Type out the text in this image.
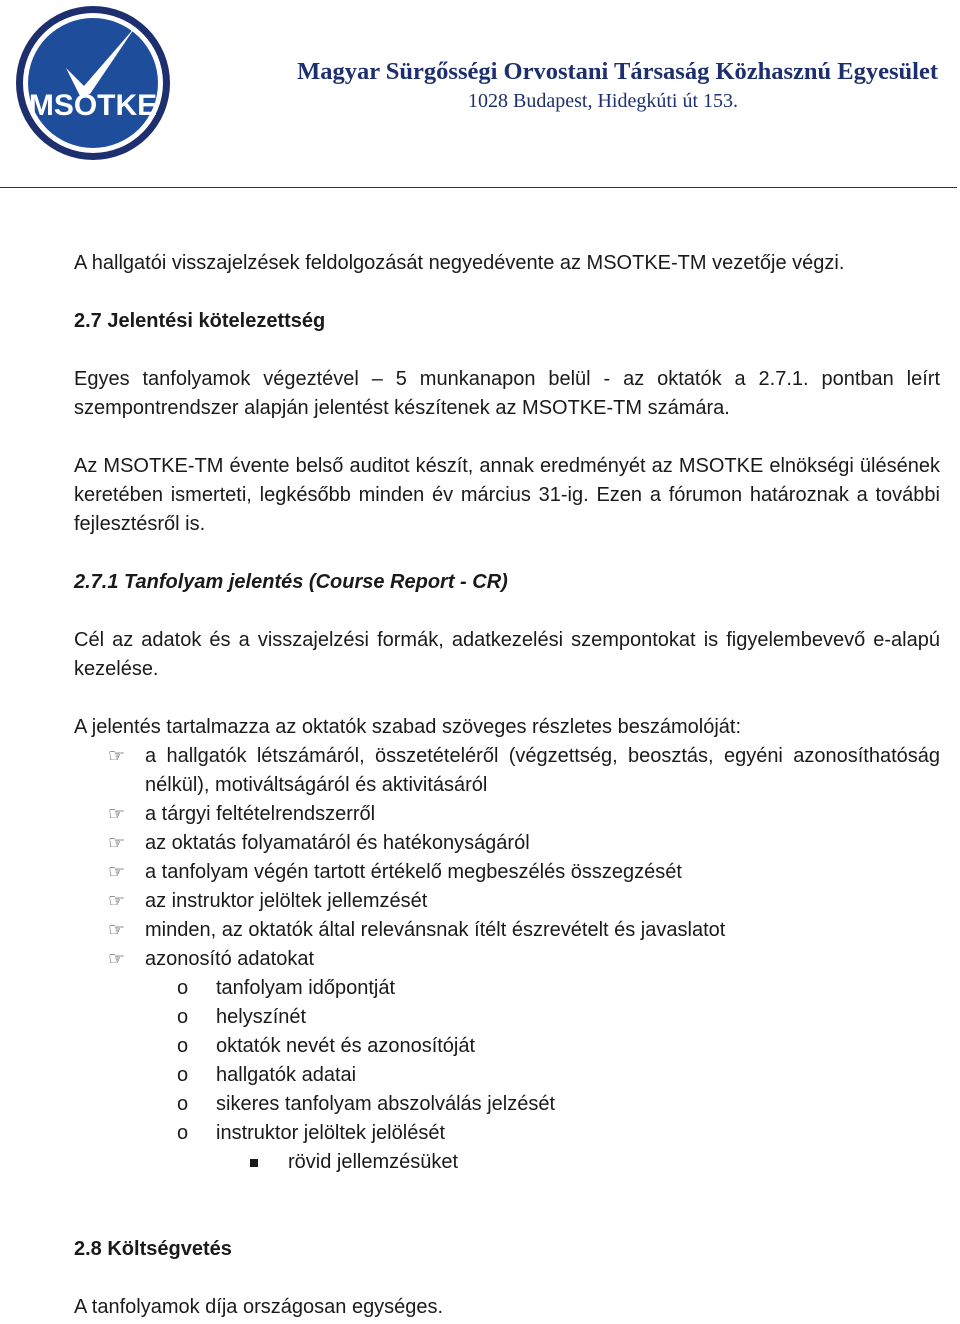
MSOTKE
Magyar Sürgősségi Orvostani Társaság Közhasznú Egyesület
1028 Budapest, Hidegkúti út 153.

A hallgatói visszajelzések feldolgozását negyedévente az MSOTKE-TM vezetője végzi.

2.7 Jelentési kötelezettség

Egyes tanfolyamok végeztével – 5 munkanapon belül - az oktatók a 2.7.1. pontban leírt szempontrendszer alapján jelentést készítenek az MSOTKE-TM számára.

Az MSOTKE-TM évente belső auditot készít, annak eredményét az MSOTKE elnökségi ülésének keretében ismerteti, legkésőbb minden év március 31-ig. Ezen a fórumon határoznak a további fejlesztésről is.

2.7.1 Tanfolyam jelentés (Course Report - CR)

Cél az adatok és a visszajelzési formák, adatkezelési szempontokat is figyelembevevő e-alapú kezelése.

A jelentés tartalmazza az oktatók szabad szöveges részletes beszámolóját:

☞ a hallgatók létszámáról, összetételéről (végzettség, beosztás, egyéni azonosíthatóság nélkül), motiváltságáról és aktivitásáról
☞ a tárgyi feltételrendszerről
☞ az oktatás folyamatáról és hatékonyságáról
☞ a tanfolyam végén tartott értékelő megbeszélés összegzését
☞ az instruktor jelöltek jellemzését
☞ minden, az oktatók által relevánsnak ítélt észrevételt és javaslatot
☞ azonosító adatokat
o tanfolyam időpontját
o helyszínét
o oktatók nevét és azonosítóját
o hallgatók adatai
o sikeres tanfolyam abszolválás jelzését
o instruktor jelöltek jelölését
rövid jellemzésüket

2.8 Költségvetés

A tanfolyamok díja országosan egységes.
